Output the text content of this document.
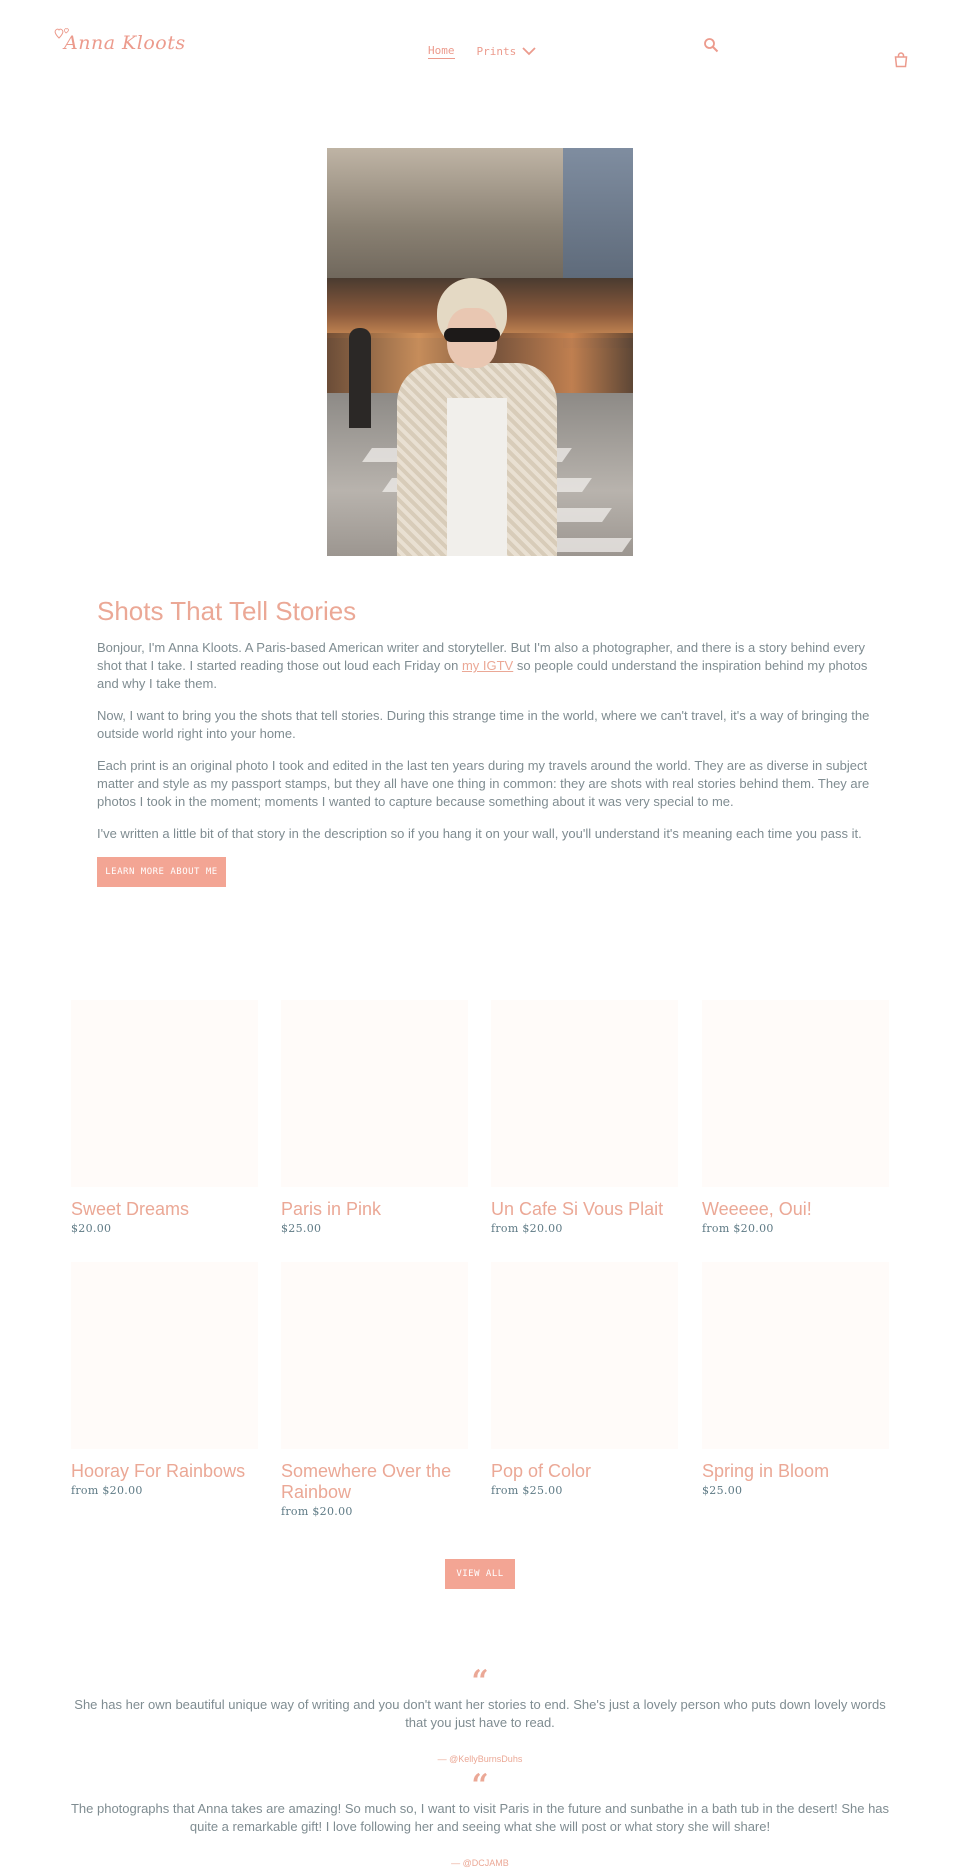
Anna Kloots	Home Prints
Shots That Tell Stories

Bonjour, I'm Anna Kloots. A Paris-based American writer and storyteller. But I'm also a photographer, and there is a story behind every shot that I take. I started reading those out loud each Friday on my IGTV so people could understand the inspiration behind my photos and why I take them.

Now, I want to bring you the shots that tell stories. During this strange time in the world, where we can't travel, it's a way of bringing the outside world right into your home.

Each print is an original photo I took and edited in the last ten years during my travels around the world. They are as diverse in subject matter and style as my passport stamps, but they all have one thing in common: they are shots with real stories behind them. They are photos I took in the moment; moments I wanted to capture because something about it was very special to me.

I've written a little bit of that story in the description so if you hang it on your wall, you'll understand it's meaning each time you pass it.

LEARN MORE ABOUT ME
Sweet Dreams
$20.00
Paris in Pink
$25.00
Un Cafe Si Vous Plait
from $20.00
Weeeee, Oui!
from $20.00
Hooray For Rainbows
from $20.00
Somewhere Over the Rainbow
from $20.00
Pop of Color
from $25.00
Spring in Bloom
$25.00
VIEW ALL
“

She has her own beautiful unique way of writing and you don't want her stories to end. She's just a lovely person who puts down lovely words that you just have to read.

— @KellyBurnsDuhs
“

The photographs that Anna takes are amazing! So much so, I want to visit Paris in the future and sunbathe in a bath tub in the desert! She has quite a remarkable gift! I love following her and seeing what she will post or what story she will share!

— @DCJAMB
